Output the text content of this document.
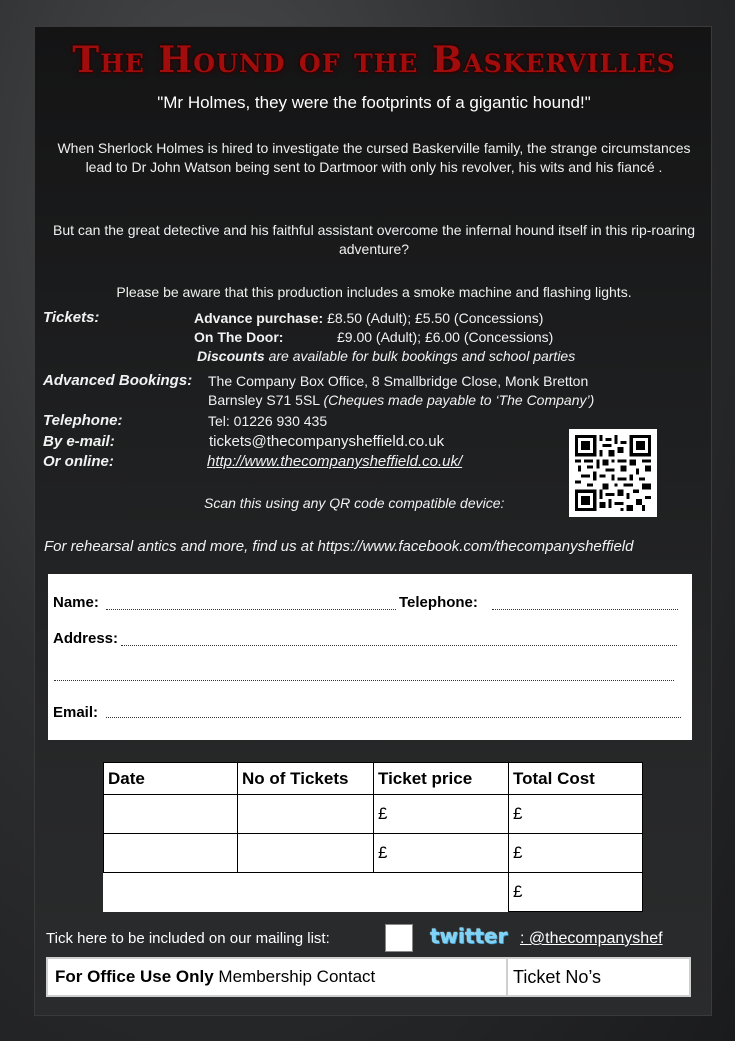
The Hound of the Baskervilles
"Mr Holmes, they were the footprints of a gigantic hound!"
When Sherlock Holmes is hired to investigate the cursed Baskerville family, the strange circumstances lead to Dr John Watson being sent to Dartmoor with only his revolver, his wits and his fiancé .
But can the great detective and his faithful assistant overcome the infernal hound itself in this rip-roaring adventure?
Please be aware that this production includes a smoke machine and flashing lights.
Tickets:	Advance purchase: £8.50 (Adult); £5.50 (Concessions)
On The Door:	£9.00 (Adult); £6.00 (Concessions)
Discounts are available for bulk bookings and school parties
Advanced Bookings: The Company Box Office, 8 Smallbridge Close, Monk Bretton
Barnsley S71 5SL (Cheques made payable to ‘The Company’)
Telephone:	Tel: 01226 930 435
By e-mail:	tickets@thecompanysheffield.co.uk
Or online:	http://www.thecompanysheffield.co.uk/
Scan this using any QR code compatible device:
For rehearsal antics and more, find us at https://www.facebook.com/thecompanysheffield
Name:	Telephone:
Address:
Email:
Date	No of Tickets	Ticket price	Total Cost
		£	£
		£	£
			£
Tick here to be included on our mailing list:	twitter : @thecompanyshef
For Office Use Only Membership Contact	Ticket No’s
